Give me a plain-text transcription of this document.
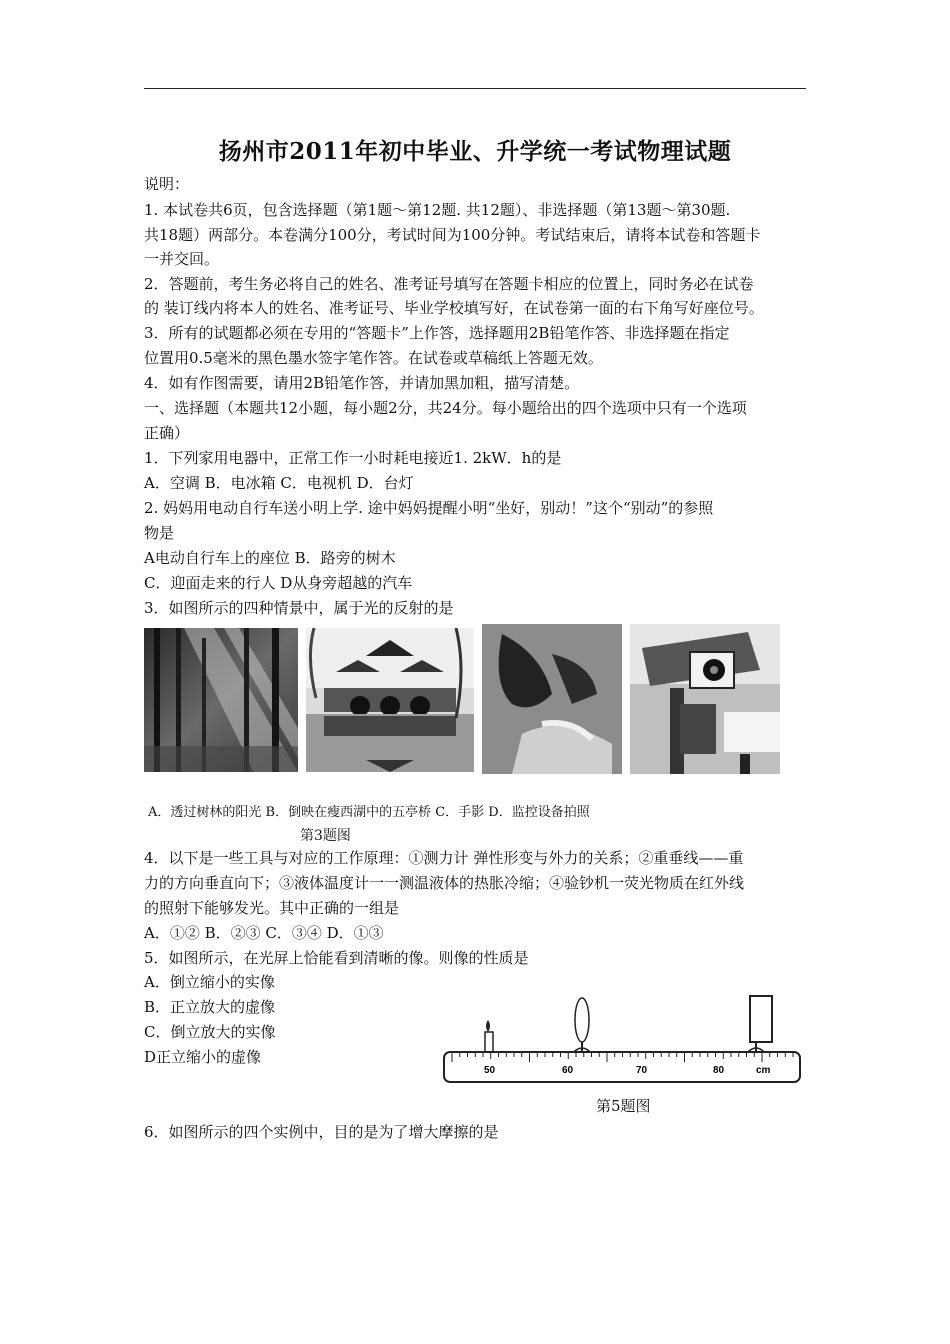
扬州市2011年初中毕业、升学统一考试物理试题
说明：
1. 本试卷共6页，包含选择题（第1题～第12题. 共12题）、非选择题（第13题～第30题.
共18题）两部分。本卷满分100分，考试时间为100分钟。考试结束后，请将本试卷和答题卡
一并交回。
2．答题前，考生务必将自己的姓名、准考证号填写在答题卡相应的位置上，同时务必在试卷
的 装订线内将本人的姓名、准考证号、毕业学校填写好，在试卷第一面的右下角写好座位号。
3．所有的试题都必须在专用的“答题卡”上作答，选择题用2B铅笔作答、非选择题在指定
位置用0.5毫米的黑色墨水签字笔作答。在试卷或草稿纸上答题无效。
4．如有作图需要，请用2B铅笔作答，并请加黑加粗，描写清楚。
一、选择题（本题共12小题，每小题2分，共24分。每小题给出的四个选项中只有一个选项
正确）
1．下列家用电器中，正常工作一小时耗电接近1. 2kW．h的是
A．空调 B．电冰箱 C．电视机 D．台灯
2. 妈妈用电动自行车送小明上学. 途中妈妈提醒小明“坐好，别动！”这个“别动”的参照
物是
A电动自行车上的座位 B．路旁的树木
C．迎面走来的行人 D从身旁超越的汽车
3．如图所示的四种情景中，属于光的反射的是
A．透过树林的阳光 B．倒映在瘦西湖中的五亭桥 C．手影 D．监控设备拍照
第3题图
4．以下是一些工具与对应的工作原理：①测力计 弹性形变与外力的关系；②重垂线——重
力的方向垂直向下；③液体温度计一一测温液体的热胀冷缩；④验钞机一荧光物质在红外线
的照射下能够发光。其中正确的一组是
A．①② B．②③ C．③④ D．①③
5．如图所示，在光屏上恰能看到清晰的像。则像的性质是
A．倒立缩小的实像
B．正立放大的虚像
C．倒立放大的实像
D正立缩小的虚像
50	60	70	80	cm
第5题图
6．如图所示的四个实例中，目的是为了增大摩擦的是
